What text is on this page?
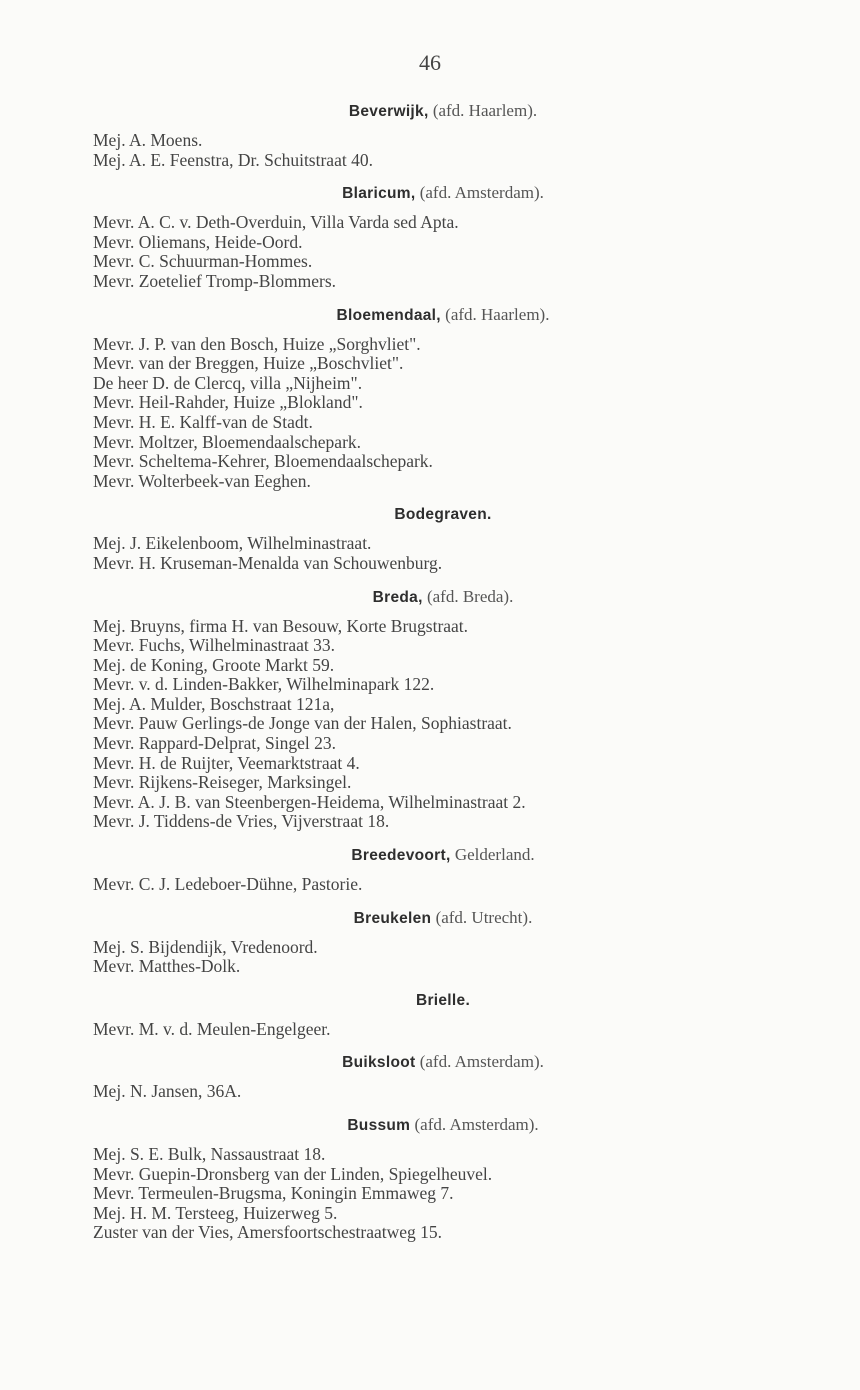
46
Beverwijk, (afd. Haarlem).
Mej. A. Moens.
Mej. A. E. Feenstra, Dr. Schuitstraat 40.
Blaricum, (afd. Amsterdam).
Mevr. A. C. v. Deth-Overduin, Villa Varda sed Apta.
Mevr. Oliemans, Heide-Oord.
Mevr. C. Schuurman-Hommes.
Mevr. Zoetelief Tromp-Blommers.
Bloemendaal, (afd. Haarlem).
Mevr. J. P. van den Bosch, Huize „Sorghvliet".
Mevr. van der Breggen, Huize „Boschvliet".
De heer D. de Clercq, villa „Nijheim".
Mevr. Heil-Rahder, Huize „Blokland".
Mevr. H. E. Kalff-van de Stadt.
Mevr. Moltzer, Bloemendaalschepark.
Mevr. Scheltema-Kehrer, Bloemendaalschepark.
Mevr. Wolterbeek-van Eeghen.
Bodegraven.
Mej. J. Eikelenboom, Wilhelminastraat.
Mevr. H. Kruseman-Menalda van Schouwenburg.
Breda, (afd. Breda).
Mej. Bruyns, firma H. van Besouw, Korte Brugstraat.
Mevr. Fuchs, Wilhelminastraat 33.
Mej. de Koning, Groote Markt 59.
Mevr. v. d. Linden-Bakker, Wilhelminapark 122.
Mej. A. Mulder, Boschstraat 121a,
Mevr. Pauw Gerlings-de Jonge van der Halen, Sophiastraat.
Mevr. Rappard-Delprat, Singel 23.
Mevr. H. de Ruijter, Veemarktstraat 4.
Mevr. Rijkens-Reiseger, Marksingel.
Mevr. A. J. B. van Steenbergen-Heidema, Wilhelminastraat 2.
Mevr. J. Tiddens-de Vries, Vijverstraat 18.
Breedevoort, Gelderland.
Mevr. C. J. Ledeboer-Dühne, Pastorie.
Breukelen (afd. Utrecht).
Mej. S. Bijdendijk, Vredenoord.
Mevr. Matthes-Dolk.
Brielle.
Mevr. M. v. d. Meulen-Engelgeer.
Buiksloot (afd. Amsterdam).
Mej. N. Jansen, 36A.
Bussum (afd. Amsterdam).
Mej. S. E. Bulk, Nassaustraat 18.
Mevr. Guepin-Dronsberg van der Linden, Spiegelheuvel.
Mevr. Termeulen-Brugsma, Koningin Emmaweg 7.
Mej. H. M. Tersteeg, Huizerweg 5.
Zuster van der Vies, Amersfoortschestraatweg 15.
